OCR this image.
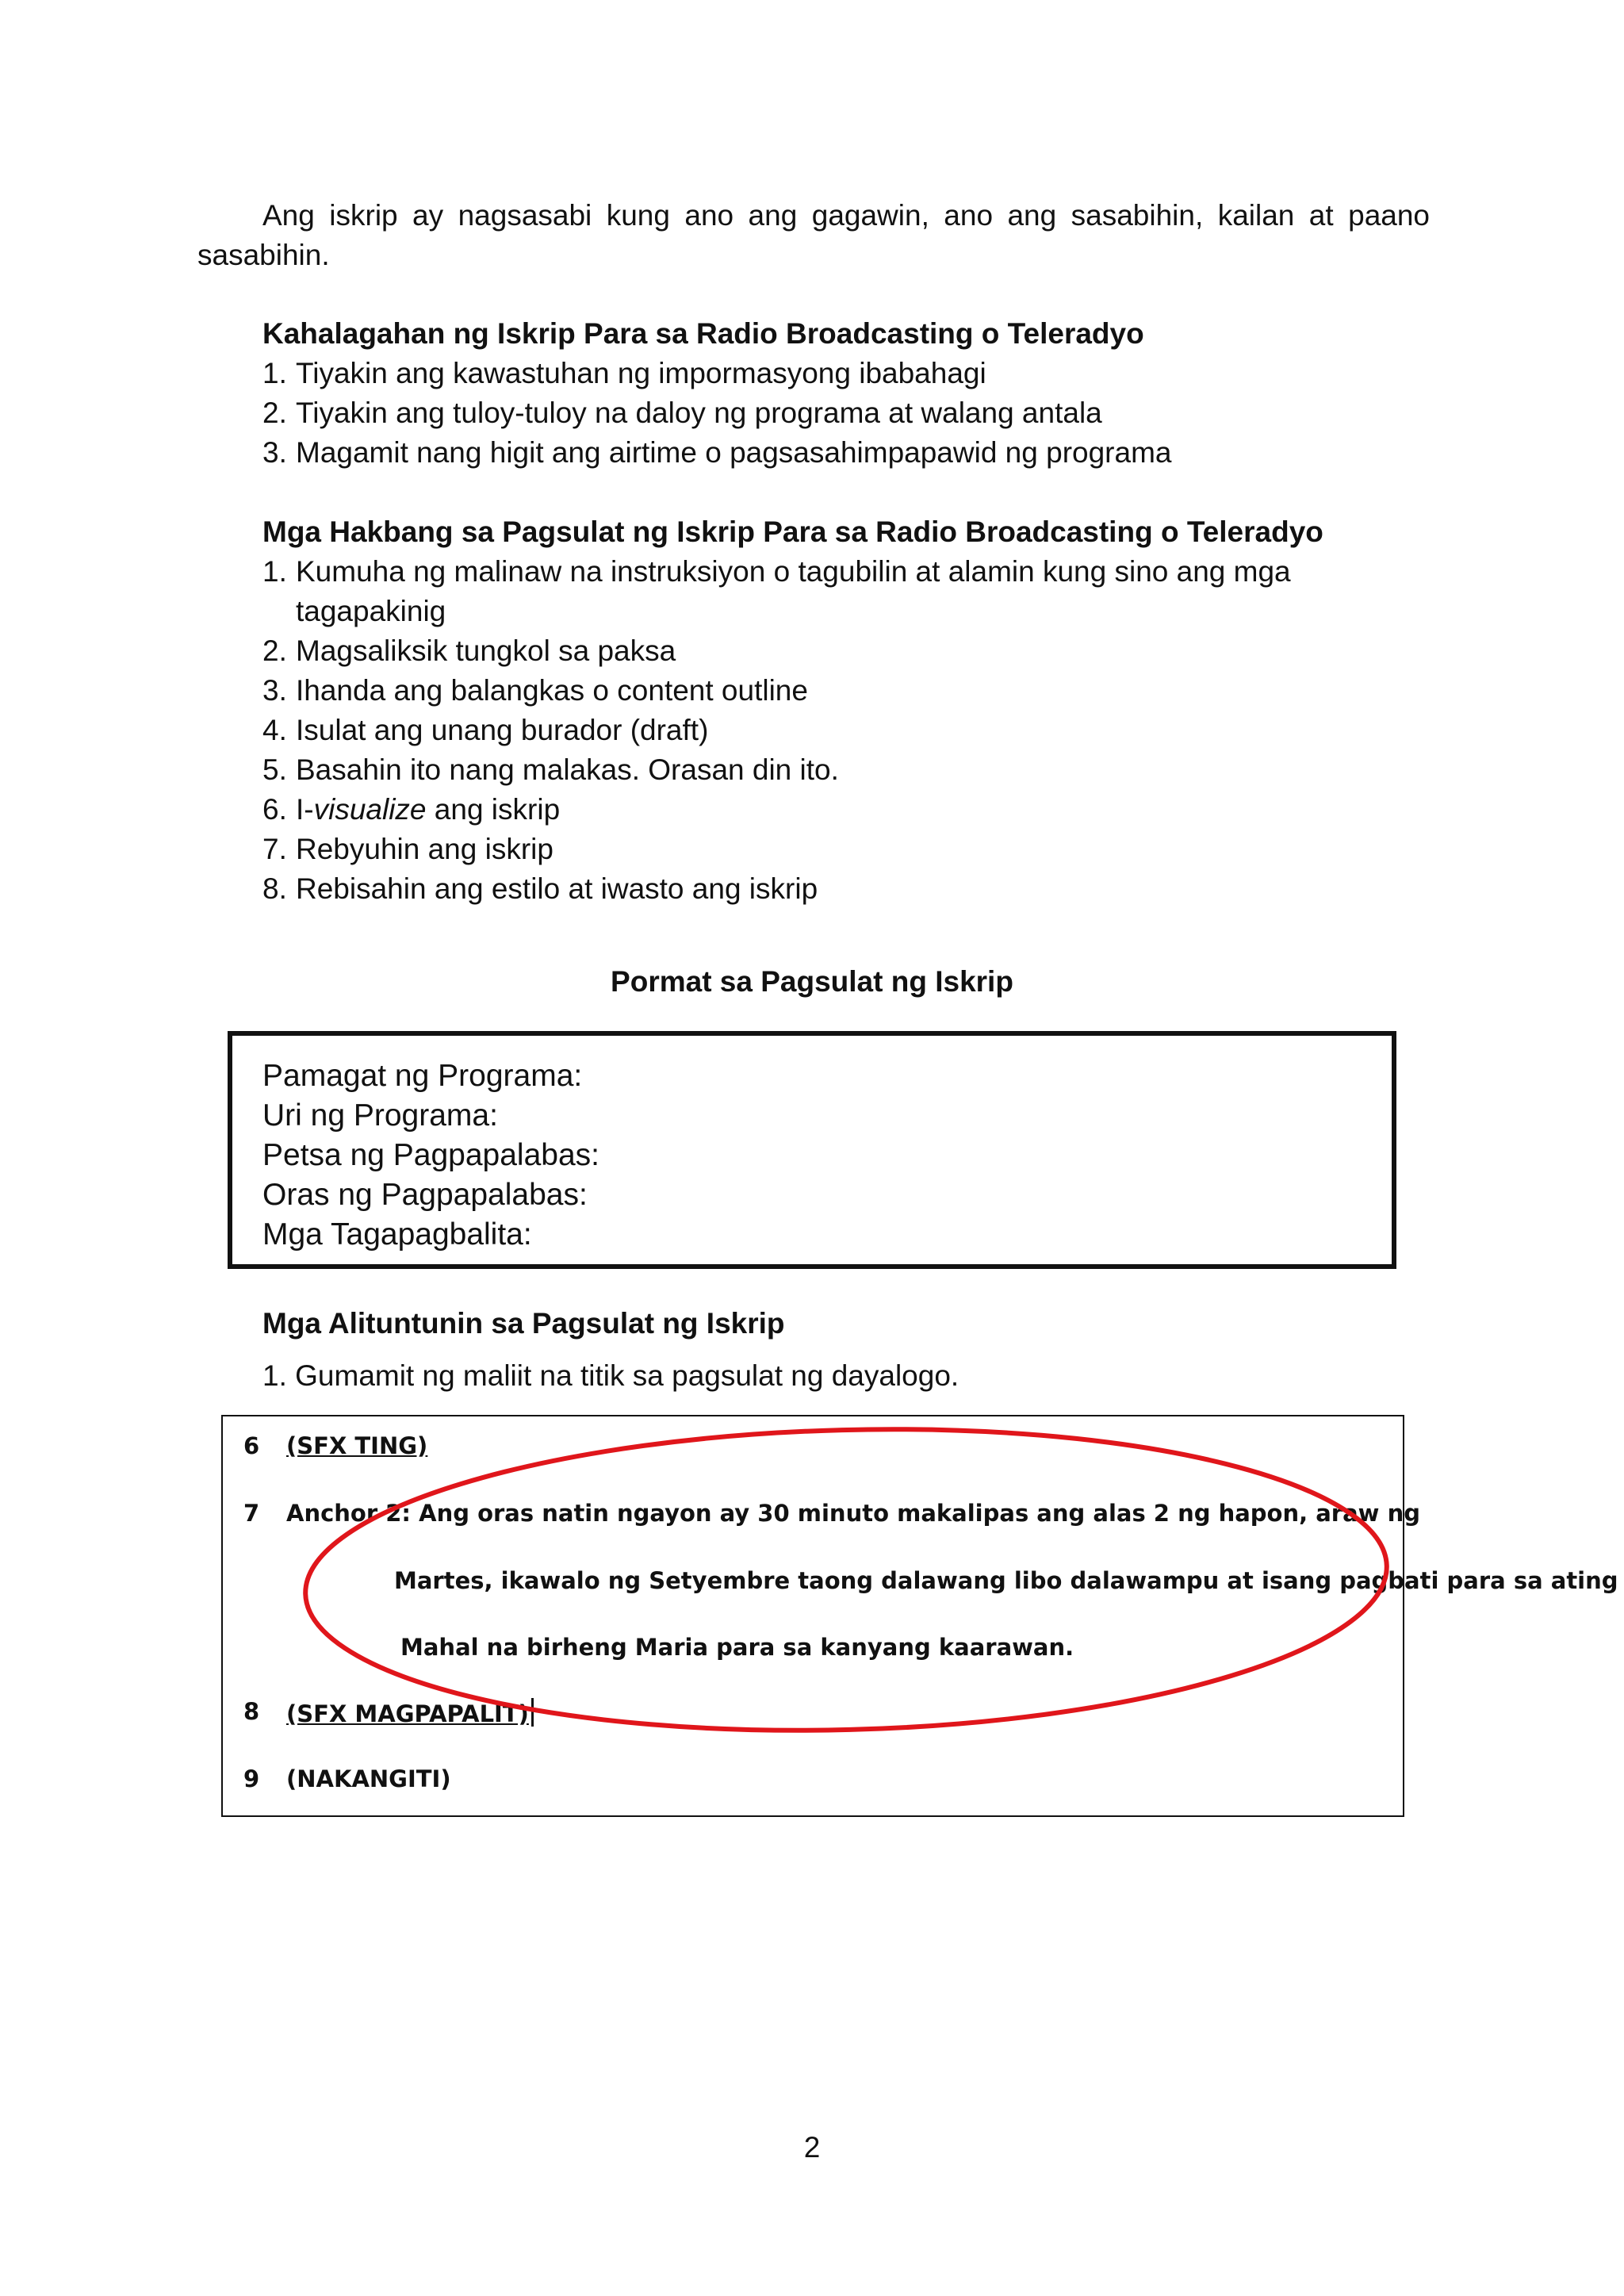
Ang iskrip ay nagsasabi kung ano ang gagawin, ano ang sasabihin, kailan at paano
sasabihin.
Kahalagahan ng Iskrip Para sa Radio Broadcasting o Teleradyo
1. Tiyakin ang kawastuhan ng impormasyong ibabahagi
2. Tiyakin ang tuloy-tuloy na daloy ng programa at walang antala
3. Magamit nang higit ang airtime o pagsasahimpapawid ng programa
Mga Hakbang sa Pagsulat ng Iskrip Para sa Radio Broadcasting o Teleradyo
1. Kumuha ng malinaw na instruksiyon o tagubilin at alamin kung sino ang mga
tagapakinig
2. Magsaliksik tungkol sa paksa
3. Ihanda ang balangkas o content outline
4. Isulat ang unang burador (draft)
5. Basahin ito nang malakas. Orasan din ito.
6. I-visualize ang iskrip
7. Rebyuhin ang iskrip
8. Rebisahin ang estilo at iwasto ang iskrip
Pormat sa Pagsulat ng Iskrip
Pamagat ng Programa:
Uri ng Programa:
Petsa ng Pagpapalabas:
Oras ng Pagpapalabas:
Mga Tagapagbalita:
Mga Alituntunin sa Pagsulat ng Iskrip
1. Gumamit ng maliit na titik sa pagsulat ng dayalogo.
6 (SFX TING)
7 Anchor 2: Ang oras natin ngayon ay 30 minuto makalipas ang alas 2 ng hapon, araw ng
Martes, ikawalo ng Setyembre taong dalawang libo dalawampu at isang pagbati para sa ating
Mahal na birheng Maria para sa kanyang kaarawan.
8 (SFX MAGPAPALIT)
9 (NAKANGITI)
2
